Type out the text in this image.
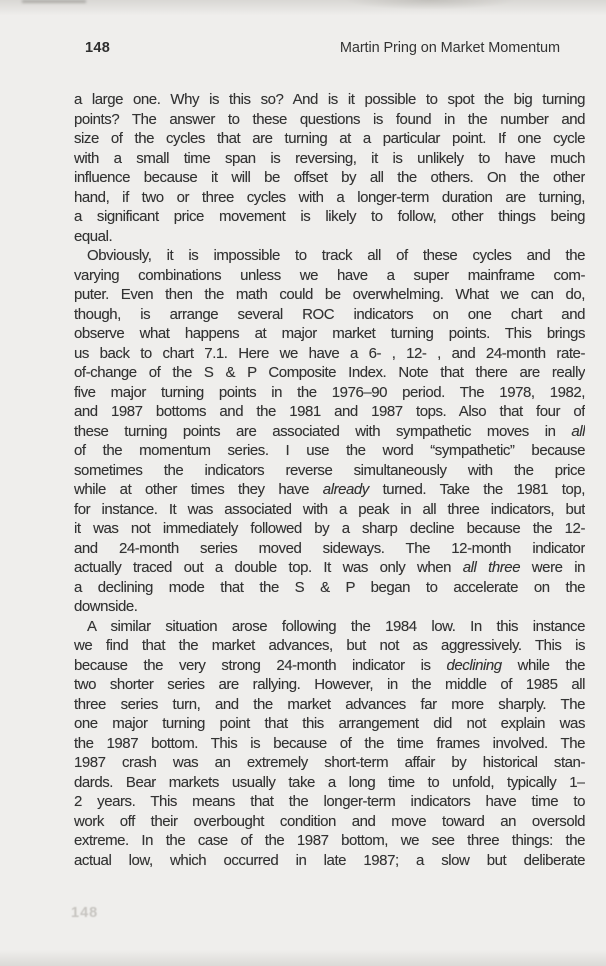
148	Martin Pring on Market Momentum
a large one. Why is this so? And is it possible to spot the big turning
points? The answer to these questions is found in the number and
size of the cycles that are turning at a particular point. If one cycle
with a small time span is reversing, it is unlikely to have much
influence because it will be offset by all the others. On the other
hand, if two or three cycles with a longer-term duration are turning,
a significant price movement is likely to follow, other things being
equal.
Obviously, it is impossible to track all of these cycles and the
varying combinations unless we have a super mainframe com-
puter. Even then the math could be overwhelming. What we can do,
though, is arrange several ROC indicators on one chart and
observe what happens at major market turning points. This brings
us back to chart 7.1. Here we have a 6- , 12- , and 24-month rate-
of-change of the S & P Composite Index. Note that there are really
five major turning points in the 1976–90 period. The 1978, 1982,
and 1987 bottoms and the 1981 and 1987 tops. Also that four of
these turning points are associated with sympathetic moves in all
of the momentum series. I use the word “sympathetic” because
sometimes the indicators reverse simultaneously with the price
while at other times they have already turned. Take the 1981 top,
for instance. It was associated with a peak in all three indicators, but
it was not immediately followed by a sharp decline because the 12-
and 24-month series moved sideways. The 12-month indicator
actually traced out a double top. It was only when all three were in
a declining mode that the S & P began to accelerate on the
downside.
A similar situation arose following the 1984 low. In this instance
we find that the market advances, but not as aggressively. This is
because the very strong 24-month indicator is declining while the
two shorter series are rallying. However, in the middle of 1985 all
three series turn, and the market advances far more sharply. The
one major turning point that this arrangement did not explain was
the 1987 bottom. This is because of the time frames involved. The
1987 crash was an extremely short-term affair by historical stan-
dards. Bear markets usually take a long time to unfold, typically 1–
2 years. This means that the longer-term indicators have time to
work off their overbought condition and move toward an oversold
extreme. In the case of the 1987 bottom, we see three things: the
actual low, which occurred in late 1987; a slow but deliberate
148
